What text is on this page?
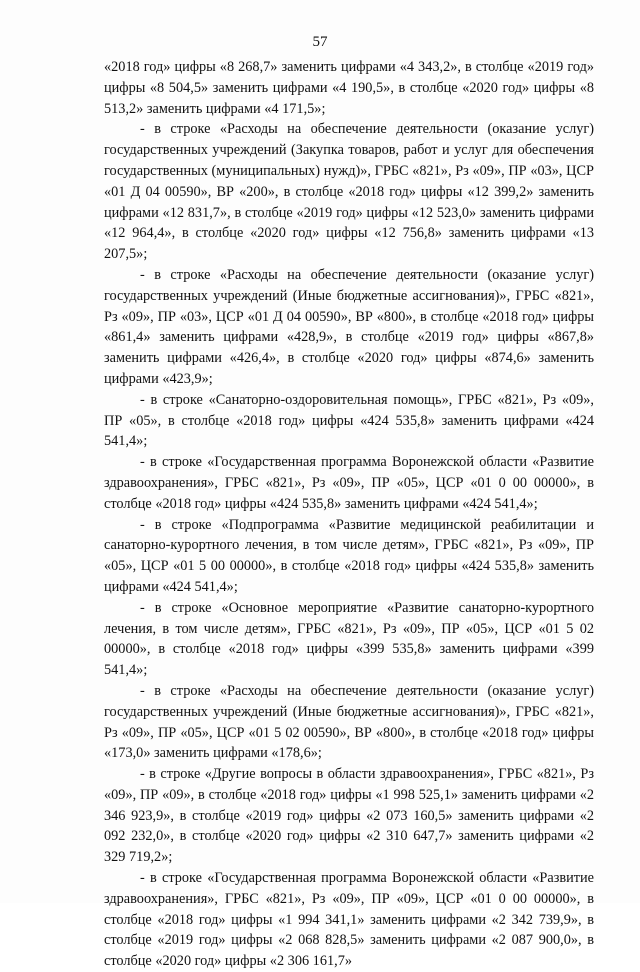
57

«2018 год» цифры «8 268,7» заменить цифрами «4 343,2», в столбце «2019 год» цифры «8 504,5» заменить цифрами «4 190,5», в столбце «2020 год» цифры «8 513,2» заменить цифрами «4 171,5»;

- в строке «Расходы на обеспечение деятельности (оказание услуг) государственных учреждений (Закупка товаров, работ и услуг для обеспечения государственных (муниципальных) нужд)», ГРБС «821», Рз «09», ПР «03», ЦСР «01 Д 04 00590», ВР «200», в столбце «2018 год» цифры «12 399,2» заменить цифрами «12 831,7», в столбце «2019 год» цифры «12 523,0» заменить цифрами «12 964,4», в столбце «2020 год» цифры «12 756,8» заменить цифрами «13 207,5»;

- в строке «Расходы на обеспечение деятельности (оказание услуг) государственных учреждений (Иные бюджетные ассигнования)», ГРБС «821», Рз «09», ПР «03», ЦСР «01 Д 04 00590», ВР «800», в столбце «2018 год» цифры «861,4» заменить цифрами «428,9», в столбце «2019 год» цифры «867,8» заменить цифрами «426,4», в столбце «2020 год» цифры «874,6» заменить цифрами «423,9»;

- в строке «Санаторно-оздоровительная помощь», ГРБС «821», Рз «09», ПР «05», в столбце «2018 год» цифры «424 535,8» заменить цифрами «424 541,4»;

- в строке «Государственная программа Воронежской области «Развитие здравоохранения», ГРБС «821», Рз «09», ПР «05», ЦСР «01 0 00 00000», в столбце «2018 год» цифры «424 535,8» заменить цифрами «424 541,4»;

- в строке «Подпрограмма «Развитие медицинской реабилитации и санаторно-курортного лечения, в том числе детям», ГРБС «821», Рз «09», ПР «05», ЦСР «01 5 00 00000», в столбце «2018 год» цифры «424 535,8» заменить цифрами «424 541,4»;

- в строке «Основное мероприятие «Развитие санаторно-курортного лечения, в том числе детям», ГРБС «821», Рз «09», ПР «05», ЦСР «01 5 02 00000», в столбце «2018 год» цифры «399 535,8» заменить цифрами «399 541,4»;

- в строке «Расходы на обеспечение деятельности (оказание услуг) государственных учреждений (Иные бюджетные ассигнования)», ГРБС «821», Рз «09», ПР «05», ЦСР «01 5 02 00590», ВР «800», в столбце «2018 год» цифры «173,0» заменить цифрами «178,6»;

- в строке «Другие вопросы в области здравоохранения», ГРБС «821», Рз «09», ПР «09», в столбце «2018 год» цифры «1 998 525,1» заменить цифрами «2 346 923,9», в столбце «2019 год» цифры «2 073 160,5» заменить цифрами «2 092 232,0», в столбце «2020 год» цифры «2 310 647,7» заменить цифрами «2 329 719,2»;

- в строке «Государственная программа Воронежской области «Развитие здравоохранения», ГРБС «821», Рз «09», ПР «09», ЦСР «01 0 00 00000», в столбце «2018 год» цифры «1 994 341,1» заменить цифрами «2 342 739,9», в столбце «2019 год» цифры «2 068 828,5» заменить цифрами «2 087 900,0», в столбце «2020 год» цифры «2 306 161,7»
